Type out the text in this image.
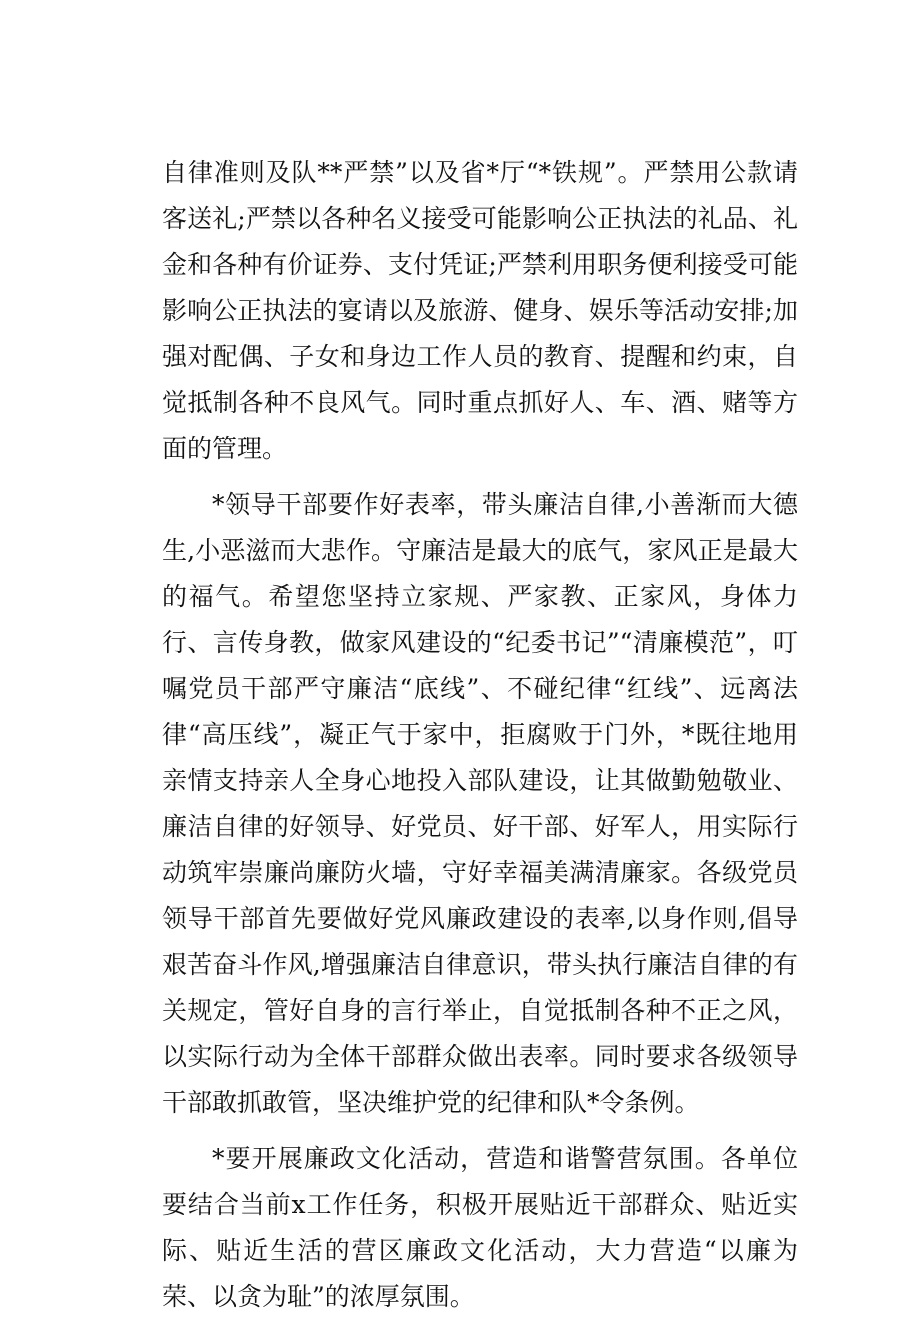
自律准则及队**严禁”以及省*厅“*铁规”。严禁用公款请客送礼;严禁以各种名义接受可能影响公正执法的礼品、礼金和各种有价证券、支付凭证;严禁利用职务便利接受可能影响公正执法的宴请以及旅游、健身、娱乐等活动安排;加强对配偶、子女和身边工作人员的教育、提醒和约束，自觉抵制各种不良风气。同时重点抓好人、车、酒、赌等方面的管理。

*领导干部要作好表率，带头廉洁自律,小善渐而大德生,小恶滋而大悲作。守廉洁是最大的底气，家风正是最大的福气。希望您坚持立家规、严家教、正家风，身体力行、言传身教，做家风建设的“纪委书记”“清廉模范”，叮嘱党员干部严守廉洁“底线”、不碰纪律“红线”、远离法律“高压线”，凝正气于家中，拒腐败于门外，*既往地用亲情支持亲人全身心地投入部队建设，让其做勤勉敬业、廉洁自律的好领导、好党员、好干部、好军人，用实际行动筑牢崇廉尚廉防火墙，守好幸福美满清廉家。各级党员领导干部首先要做好党风廉政建设的表率,以身作则,倡导艰苦奋斗作风,增强廉洁自律意识，带头执行廉洁自律的有关规定，管好自身的言行举止，自觉抵制各种不正之风，以实际行动为全体干部群众做出表率。同时要求各级领导干部敢抓敢管，坚决维护党的纪律和队*令条例。

*要开展廉政文化活动，营造和谐警营氛围。各单位要结合当前x工作任务，积极开展贴近干部群众、贴近实际、贴近生活的营区廉政文化活动，大力营造“以廉为荣、以贪为耻”的浓厚氛围。
